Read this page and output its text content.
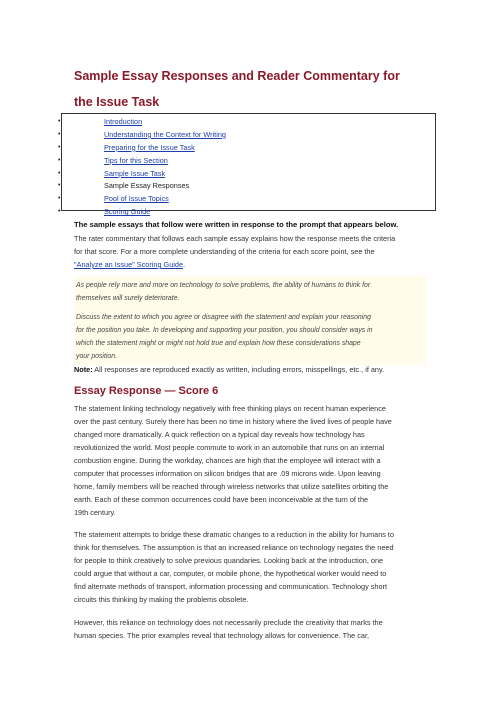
Sample Essay Responses and Reader Commentary for
the Issue Task
•	Introduction
•	Understanding the Context for Writing
•	Preparing for the Issue Task
•	Tips for this Section
•	Sample Issue Task
•	Sample Essay Responses
•	Pool of Issue Topics
•	Scoring Guide
The sample essays that follow were written in response to the prompt that appears below.
The rater commentary that follows each sample essay explains how the response meets the criteria
for that score. For a more complete understanding of the criteria for each score point, see the
"Analyze an Issue" Scoring Guide.

As people rely more and more on technology to solve problems, the ability of humans to think for

themselves will surely deteriorate.

Discuss the extent to which you agree or disagree with the statement and explain your reasoning

for the position you take. In developing and supporting your position, you should consider ways in

which the statement might or might not hold true and explain how these considerations shape

your position.

Note: All responses are reproduced exactly as written, including errors, misspellings, etc., if any.
Essay Response — Score 6
The statement linking technology negatively with free thinking plays on recent human experience
over the past century. Surely there has been no time in history where the lived lives of people have
changed more dramatically. A quick reflection on a typical day reveals how technology has
revolutionized the world. Most people commute to work in an automobile that runs on an internal
combustion engine. During the workday, chances are high that the employee will interact with a
computer that processes information on silicon bridges that are .09 microns wide. Upon leaving
home, family members will be reached through wireless networks that utilize satellites orbiting the
earth. Each of these common occurrences could have been inconceivable at the turn of the
19th century.
The statement attempts to bridge these dramatic changes to a reduction in the ability for humans to
think for themselves. The assumption is that an increased reliance on technology negates the need
for people to think creatively to solve previous quandaries. Looking back at the introduction, one
could argue that without a car, computer, or mobile phone, the hypothetical worker would need to
find alternate methods of transport, information processing and communication. Technology short
circuits this thinking by making the problems obsolete.
However, this reliance on technology does not necessarily preclude the creativity that marks the
human species. The prior examples reveal that technology allows for convenience. The car,
